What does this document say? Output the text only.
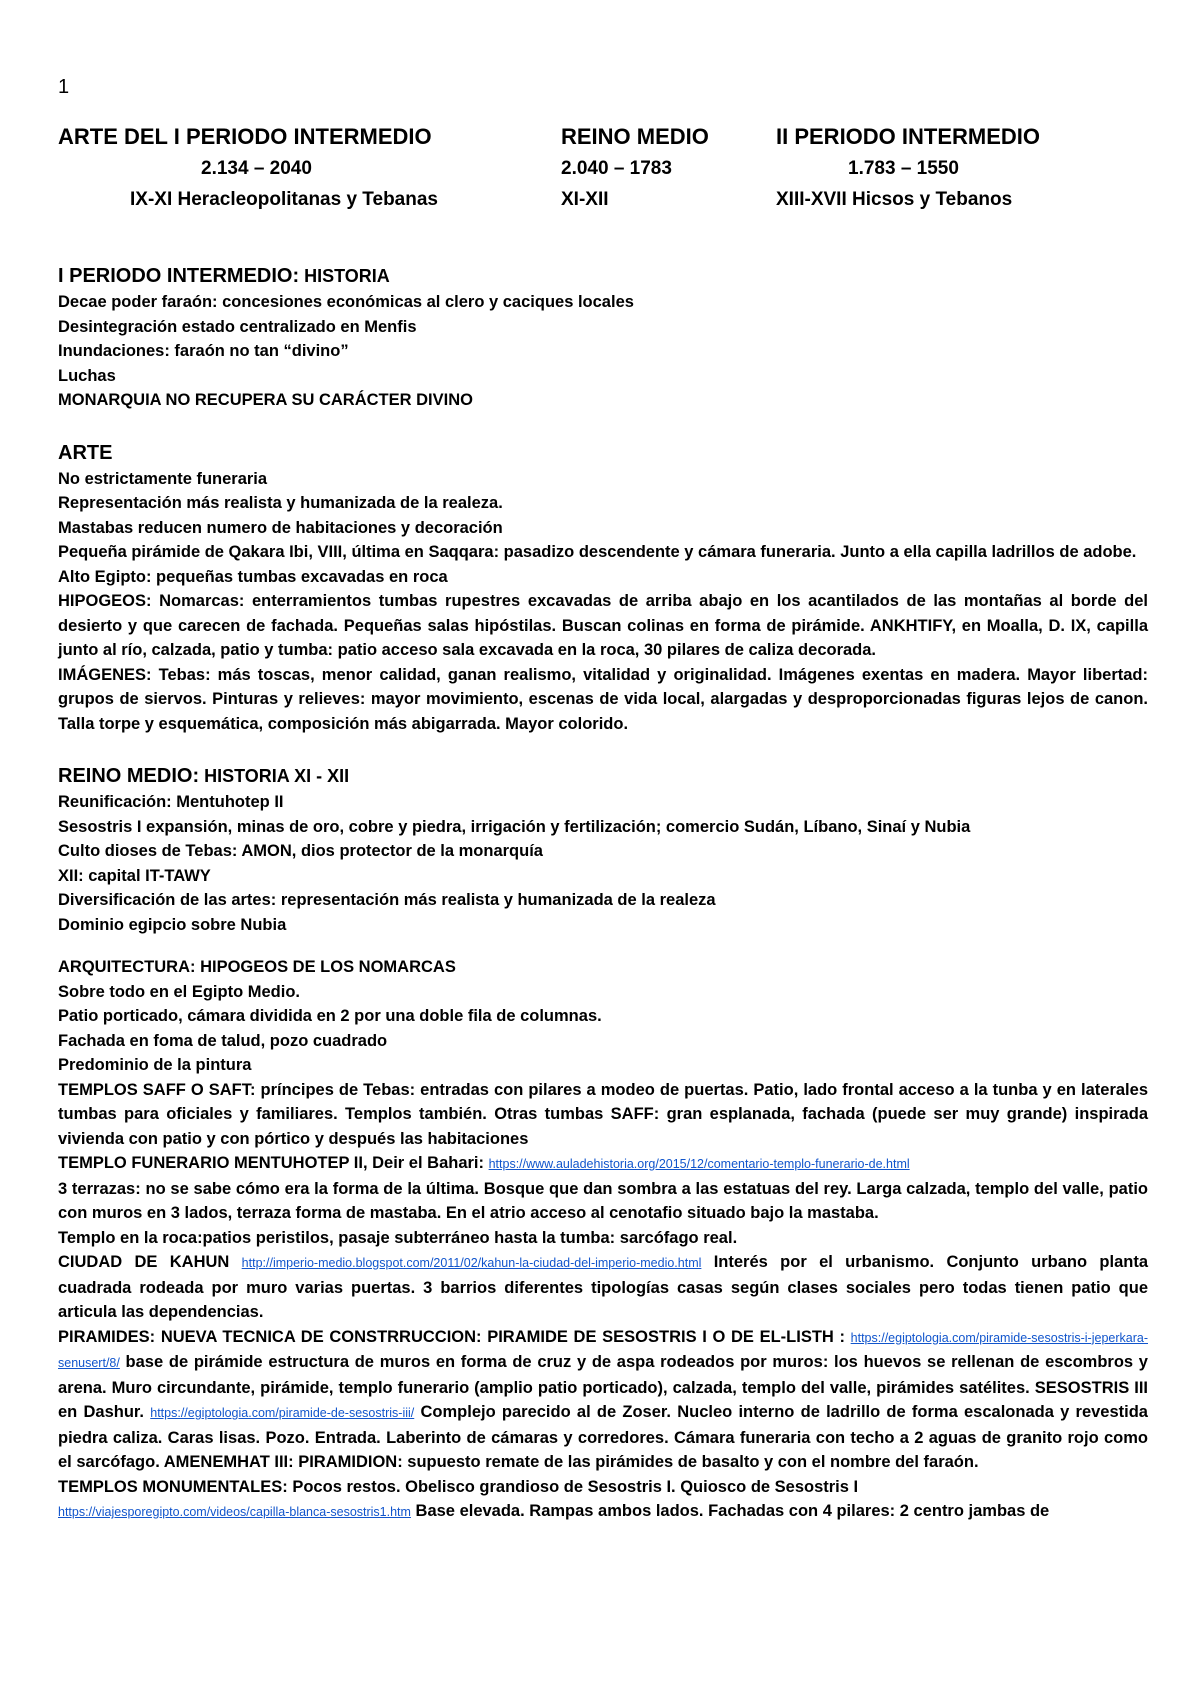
1
ARTE DEL I PERIODO INTERMEDIO
2.134 – 2040
IX-XI Heracleopolitanas y Tebanas
REINO MEDIO
2.040 – 1783
XI-XII
II PERIODO INTERMEDIO
1.783 – 1550
XIII-XVII Hicsos y Tebanos

I PERIODO INTERMEDIO: HISTORIA

Decae poder faraón: concesiones económicas al clero y caciques locales

Desintegración estado centralizado en Menfis

Inundaciones: faraón no tan “divino”

Luchas

MONARQUIA NO RECUPERA SU CARÁCTER DIVINO

ARTE

No estrictamente funeraria

Representación más realista y humanizada de la realeza.

Mastabas reducen numero de habitaciones y decoración

Pequeña pirámide de Qakara Ibi, VIII, última en Saqqara: pasadizo descendente y cámara funeraria. Junto a ella capilla ladrillos de adobe.

Alto Egipto: pequeñas tumbas excavadas en roca

HIPOGEOS: Nomarcas: enterramientos tumbas rupestres excavadas de arriba abajo en los acantilados de las montañas al borde del desierto y que carecen de fachada. Pequeñas salas hipóstilas. Buscan colinas en forma de pirámide. ANKHTIFY, en Moalla, D. IX, capilla junto al río, calzada, patio y tumba: patio acceso sala excavada en la roca, 30 pilares de caliza decorada.

IMÁGENES: Tebas: más toscas, menor calidad, ganan realismo, vitalidad y originalidad. Imágenes exentas en madera. Mayor libertad: grupos de siervos. Pinturas y relieves: mayor movimiento, escenas de vida local, alargadas y desproporcionadas figuras lejos de canon. Talla torpe y esquemática, composición más abigarrada. Mayor colorido.

REINO MEDIO: HISTORIA XI - XII

Reunificación: Mentuhotep II

Sesostris I expansión, minas de oro, cobre y piedra, irrigación y fertilización; comercio Sudán, Líbano, Sinaí y Nubia

Culto dioses de Tebas: AMON, dios protector de la monarquía

XII: capital IT-TAWY

Diversificación de las artes: representación más realista y humanizada de la realeza

Dominio egipcio sobre Nubia

ARQUITECTURA: HIPOGEOS DE LOS NOMARCAS

Sobre todo en el Egipto Medio.

Patio porticado, cámara dividida en 2 por una doble fila de columnas.

Fachada en foma de talud, pozo cuadrado

Predominio de la pintura

TEMPLOS SAFF O SAFT: príncipes de Tebas: entradas con pilares a modeo de puertas. Patio, lado frontal acceso a la tunba y en laterales tumbas para oficiales y familiares. Templos también. Otras tumbas SAFF: gran esplanada, fachada (puede ser muy grande) inspirada vivienda con patio y con pórtico y después las habitaciones

TEMPLO FUNERARIO MENTUHOTEP II, Deir el Bahari: https://www.auladehistoria.org/2015/12/comentario-templo-funerario-de.html

3 terrazas: no se sabe cómo era la forma de la última. Bosque que dan sombra a las estatuas del rey. Larga calzada, templo del valle, patio con muros en 3 lados, terraza forma de mastaba. En el atrio acceso al cenotafio situado bajo la mastaba.

Templo en la roca:patios peristilos, pasaje subterráneo hasta la tumba: sarcófago real.

CIUDAD DE KAHUN http://imperio-medio.blogspot.com/2011/02/kahun-la-ciudad-del-imperio-medio.html Interés por el urbanismo. Conjunto urbano planta cuadrada rodeada por muro varias puertas. 3 barrios diferentes tipologías casas según clases sociales pero todas tienen patio que articula las dependencias.

PIRAMIDES: NUEVA TECNICA DE CONSTRRUCCION: PIRAMIDE DE SESOSTRIS I O DE EL-LISTH : https://egiptologia.com/piramide-sesostris-i-jeperkara-senusert/8/ base de pirámide estructura de muros en forma de cruz y de aspa rodeados por muros: los huevos se rellenan de escombros y arena. Muro circundante, pirámide, templo funerario (amplio patio porticado), calzada, templo del valle, pirámides satélites. SESOSTRIS III en Dashur. https://egiptologia.com/piramide-de-sesostris-iii/ Complejo parecido al de Zoser. Nucleo interno de ladrillo de forma escalonada y revestida piedra caliza. Caras lisas. Pozo. Entrada. Laberinto de cámaras y corredores. Cámara funeraria con techo a 2 aguas de granito rojo como el sarcófago. AMENEMHAT III: PIRAMIDION: supuesto remate de las pirámides de basalto y con el nombre del faraón.

TEMPLOS MONUMENTALES: Pocos restos. Obelisco grandioso de Sesostris I. Quiosco de Sesostris I

https://viajesporegipto.com/videos/capilla-blanca-sesostris1.htm Base elevada. Rampas ambos lados. Fachadas con 4 pilares: 2 centro jambas de
